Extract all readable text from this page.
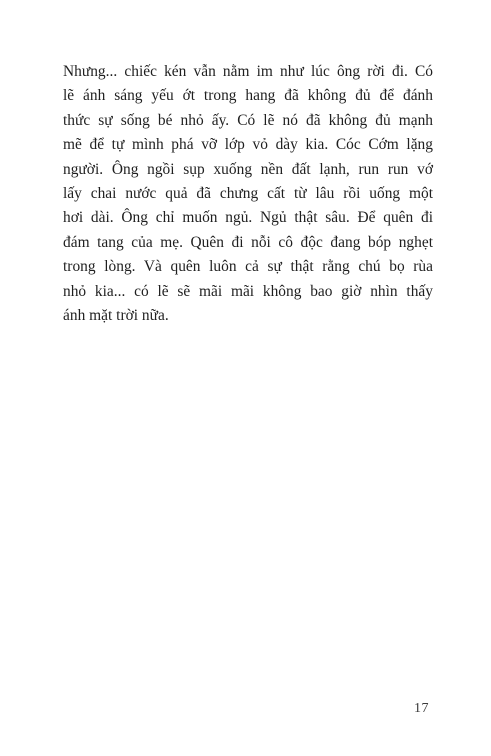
Nhưng... chiếc kén vẫn nằm im như lúc ông rời đi. Có
lẽ ánh sáng yếu ớt trong hang đã không đủ để đánh
thức sự sống bé nhỏ ấy. Có lẽ nó đã không đủ mạnh
mẽ để tự mình phá vỡ lớp vỏ dày kia. Cóc Cớm lặng
người. Ông ngồi sụp xuống nền đất lạnh, run run vớ
lấy chai nước quả đã chưng cất từ lâu rồi uống một
hơi dài. Ông chỉ muốn ngủ. Ngủ thật sâu. Để quên đi
đám tang của mẹ. Quên đi nỗi cô độc đang bóp nghẹt
trong lòng. Và quên luôn cả sự thật rằng chú bọ rùa
nhỏ kia... có lẽ sẽ mãi mãi không bao giờ nhìn thấy
ánh mặt trời nữa.
17
